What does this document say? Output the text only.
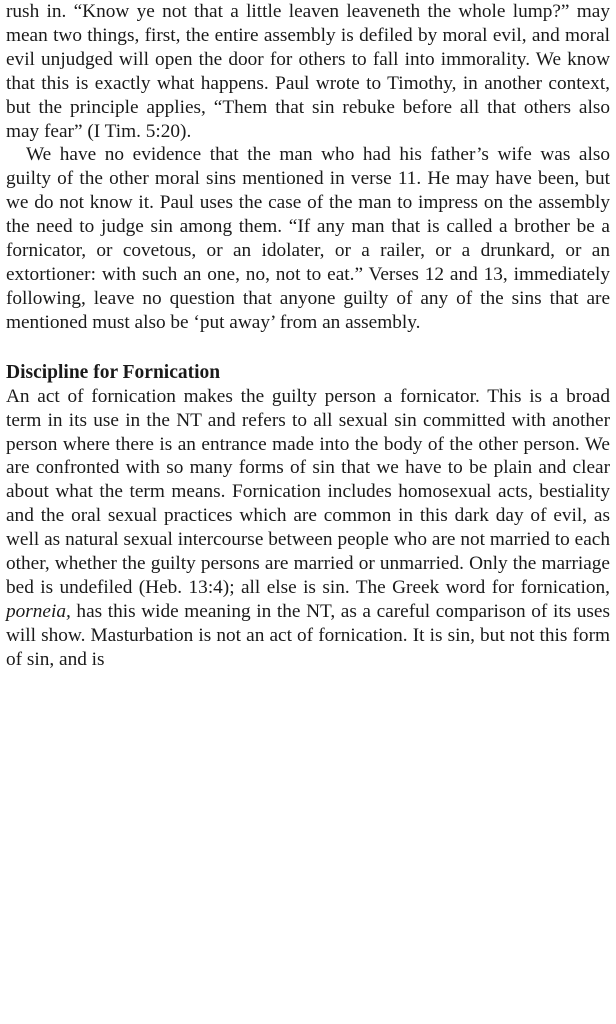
rush in. “Know ye not that a little leaven leaveneth the whole lump?” may mean two things, first, the entire assembly is defiled by moral evil, and moral evil unjudged will open the door for others to fall into immorality. We know that this is exactly what happens. Paul wrote to Timothy, in another context, but the principle applies, “Them that sin rebuke before all that others also may fear” (I Tim. 5:20).

We have no evidence that the man who had his father’s wife was also guilty of the other moral sins mentioned in verse 11. He may have been, but we do not know it. Paul uses the case of the man to impress on the assembly the need to judge sin among them. “If any man that is called a brother be a fornicator, or covetous, or an idolater, or a railer, or a drunkard, or an extortioner: with such an one, no, not to eat.” Verses 12 and 13, immediately following, leave no question that anyone guilty of any of the sins that are mentioned must also be ‘put away’ from an assembly.

Discipline for Fornication

An act of fornication makes the guilty person a fornicator. This is a broad term in its use in the NT and refers to all sexual sin committed with another person where there is an entrance made into the body of the other person. We are confronted with so many forms of sin that we have to be plain and clear about what the term means. Fornication includes homosexual acts, bestiality and the oral sexual practices which are common in this dark day of evil, as well as natural sexual intercourse between people who are not married to each other, whether the guilty persons are married or unmarried. Only the marriage bed is undefiled (Heb. 13:4); all else is sin. The Greek word for fornication, porneia, has this wide meaning in the NT, as a careful comparison of its uses will show. Masturbation is not an act of fornication. It is sin, but not this form of sin, and is
